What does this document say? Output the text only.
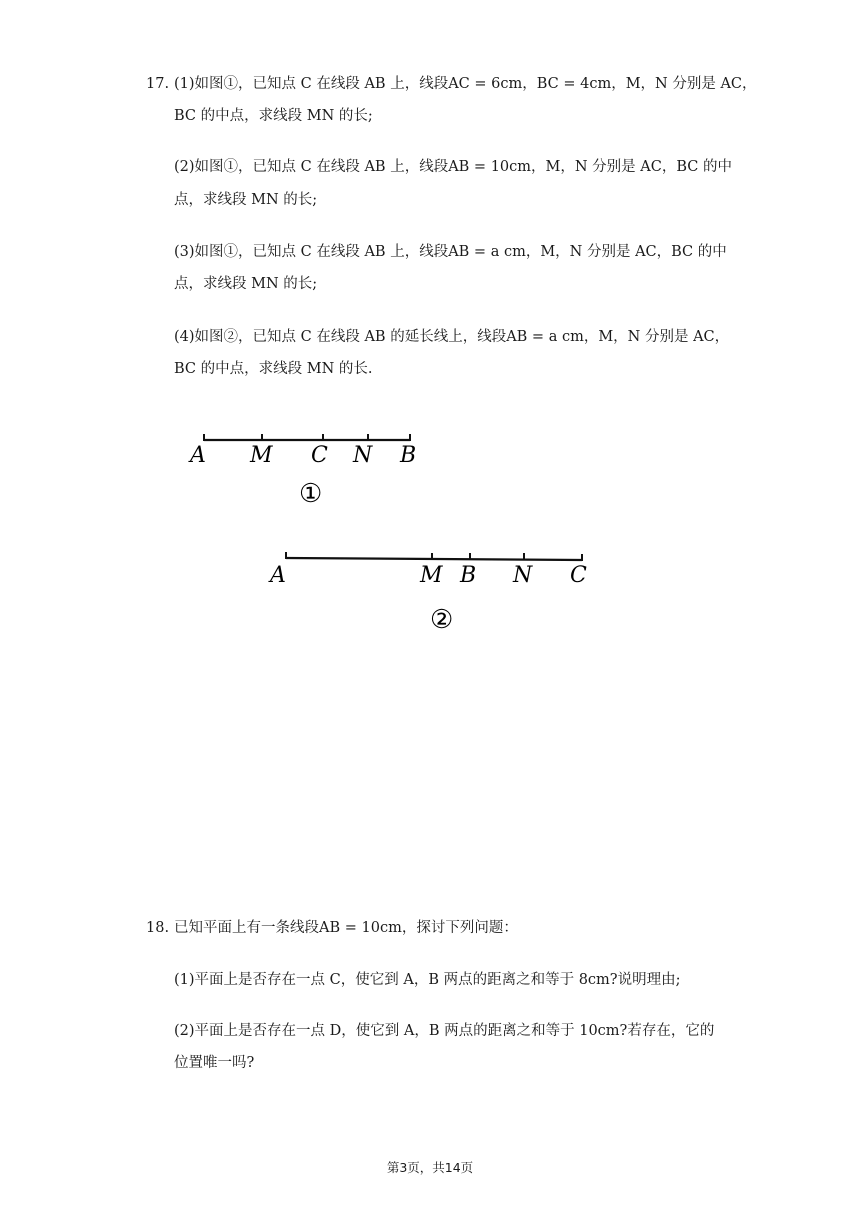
17. (1)如图①，已知点 C 在线段 AB 上，线段AC = 6cm，BC = 4cm，M，N 分别是 AC，
BC 的中点，求线段 MN 的长;
(2)如图①，已知点 C 在线段 AB 上，线段AB = 10cm，M，N 分别是 AC，BC 的中
点，求线段 MN 的长;
(3)如图①，已知点 C 在线段 AB 上，线段AB = a cm，M，N 分别是 AC，BC 的中
点，求线段 MN 的长;
(4)如图②，已知点 C 在线段 AB 的延长线上，线段AB = a cm，M，N 分别是 AC，
BC 的中点，求线段 MN 的长.
A M C N B
①
A	M B N C
②
18. 已知平面上有一条线段AB = 10cm，探讨下列问题：
(1)平面上是否存在一点 C，使它到 A，B 两点的距离之和等于 8cm?说明理由;
(2)平面上是否存在一点 D，使它到 A，B 两点的距离之和等于 10cm?若存在，它的
位置唯一吗?
第3页，共14页
